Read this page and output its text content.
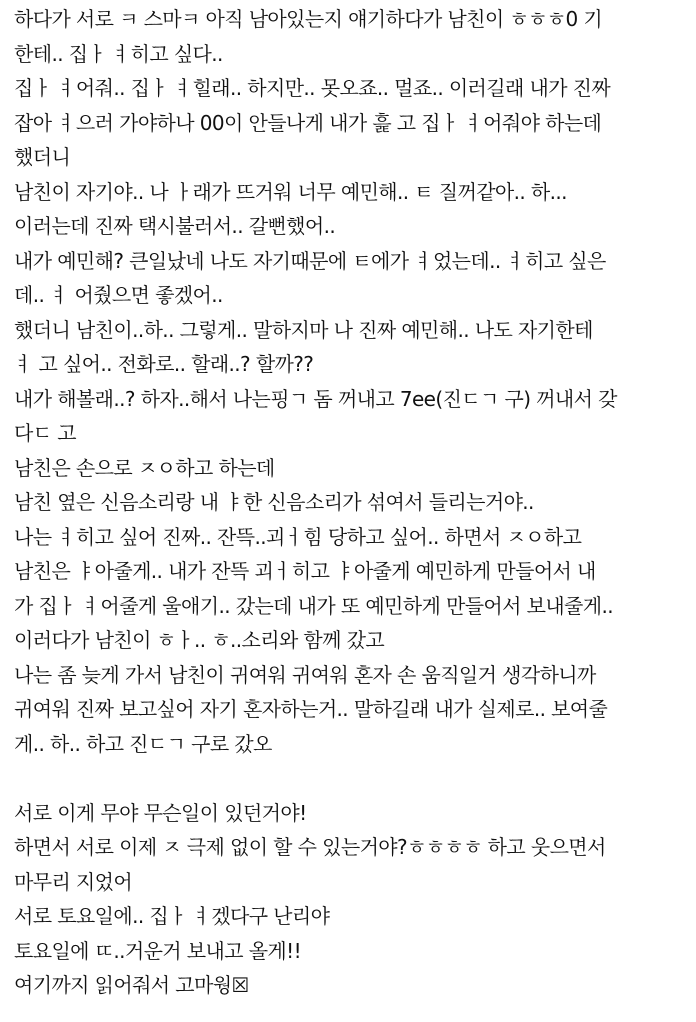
하다가 서로 ㅋ 스마ㅋ 아직 남아있는지 얘기하다가 남친이 ㅎㅎㅎ0 기
한테.. 집ㅏ ㅕ히고 싶다..
집ㅏ ㅕ어줘.. 집ㅏ ㅕ힐래.. 하지만.. 못오죠.. 멀죠.. 이러길래 내가 진짜
잡아 ㅕ으러 가야하나 00이 안들나게 내가 흝 고 집ㅏ ㅕ어줘야 하는데
했더니
남친이 자기야.. 나 ㅏ래가 뜨거워 너무 예민해.. ㅌ 질꺼같아.. 하...
이러는데 진짜 택시불러서.. 갈뻔했어..
내가 예민해? 큰일났네 나도 자기때문에 ㅌ에가 ㅕ었는데.. ㅕ히고 싶은
데.. ㅕ 어줬으면 좋겠어..
했더니 남친이..하.. 그렇게.. 말하지마 나 진짜 예민해.. 나도 자기한테
ㅕ 고 싶어.. 전화로.. 할래..? 할까??
내가 해볼래..? 하자..해서 나는핑ㄱ 돔 꺼내고 7ee(진ㄷㄱ 구) 꺼내서 갖
다ㄷ 고
남친은 손으로 ㅈㅇ하고 하는데
남친 옆은 신음소리랑 내 ㅑ한 신음소리가 섞여서 들리는거야..
나는 ㅕ히고 싶어 진짜.. 잔뜩..괴ㅓ힘 당하고 싶어.. 하면서 ㅈㅇ하고
남친은 ㅑ아줄게.. 내가 잔뜩 괴ㅓ히고 ㅑ아줄게 예민하게 만들어서 내
가 집ㅏ ㅕ어줄게 울애기.. 갔는데 내가 또 예민하게 만들어서 보내줄게..
이러다가 남친이 ㅎㅏ.. ㅎ..소리와 함께 갔고
나는 좀 늦게 가서 남친이 귀여워 귀여워 혼자 손 움직일거 생각하니까
귀여워 진짜 보고싶어 자기 혼자하는거.. 말하길래 내가 실제로.. 보여줄
게.. 하.. 하고 진ㄷㄱ 구로 갔오
서로 이게 무야 무슨일이 있던거야!
하면서 서로 이제 ㅈ 극제 없이 할 수 있는거야?ㅎㅎㅎㅎ 하고 웃으면서
마무리 지었어
서로 토요일에.. 집ㅏ ㅕ겠다구 난리야
토요일에 ㄸ..거운거 보내고 올게!!
여기까지 읽어줘서 고마웡☒
